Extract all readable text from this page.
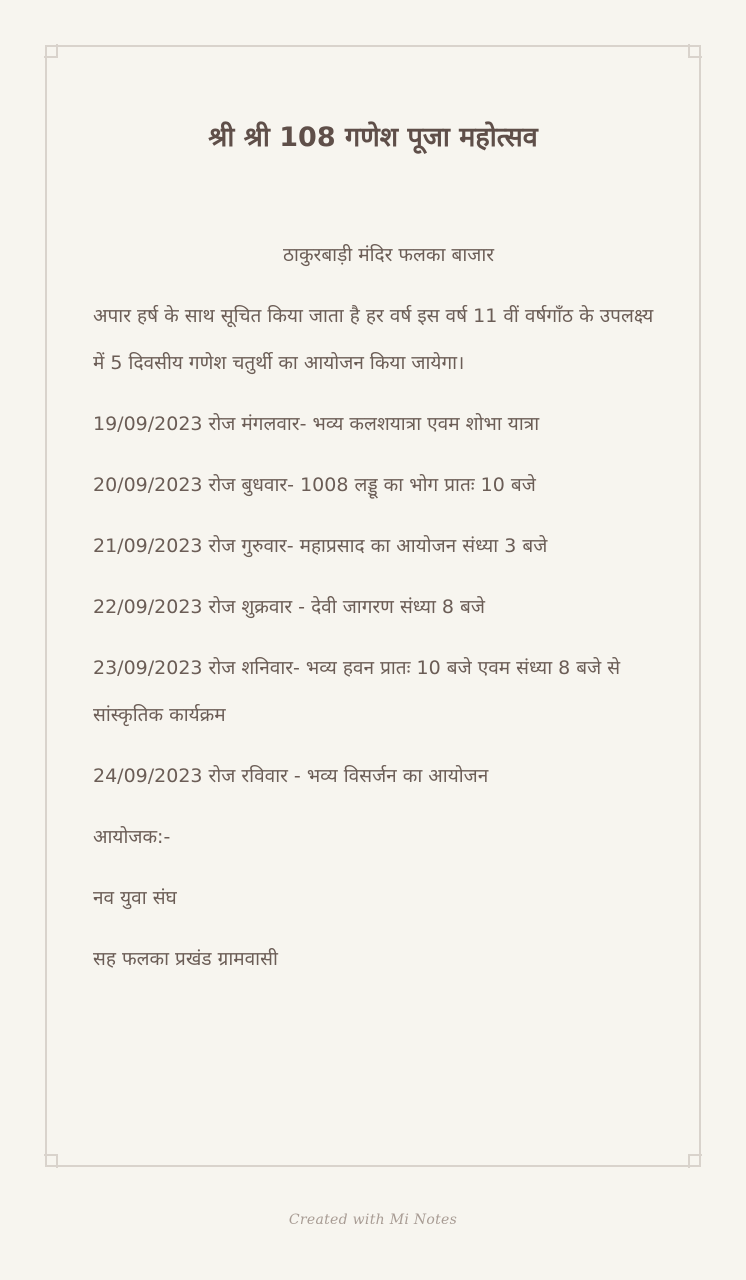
श्री श्री 108 गणेश पूजा महोत्सव

ठाकुरबाड़ी मंदिर फलका बाजार

अपार हर्ष के साथ सूचित किया जाता है हर वर्ष इस वर्ष 11 वीं वर्षगाँठ के उपलक्ष्य में 5 दिवसीय गणेश चतुर्थी का आयोजन किया जायेगा।

19/09/2023 रोज मंगलवार- भव्य कलशयात्रा एवम शोभा यात्रा

20/09/2023 रोज बुधवार- 1008 लड्डू का भोग प्रातः 10 बजे

21/09/2023 रोज गुरुवार- महाप्रसाद का आयोजन संध्या 3 बजे

22/09/2023 रोज शुक्रवार - देवी जागरण संध्या 8 बजे

23/09/2023 रोज शनिवार- भव्य हवन प्रातः 10 बजे एवम संध्या 8 बजे से सांस्कृतिक कार्यक्रम

24/09/2023 रोज रविवार - भव्य विसर्जन का आयोजन

आयोजक:-

नव युवा संघ

सह फलका प्रखंड ग्रामवासी

Created with Mi Notes
